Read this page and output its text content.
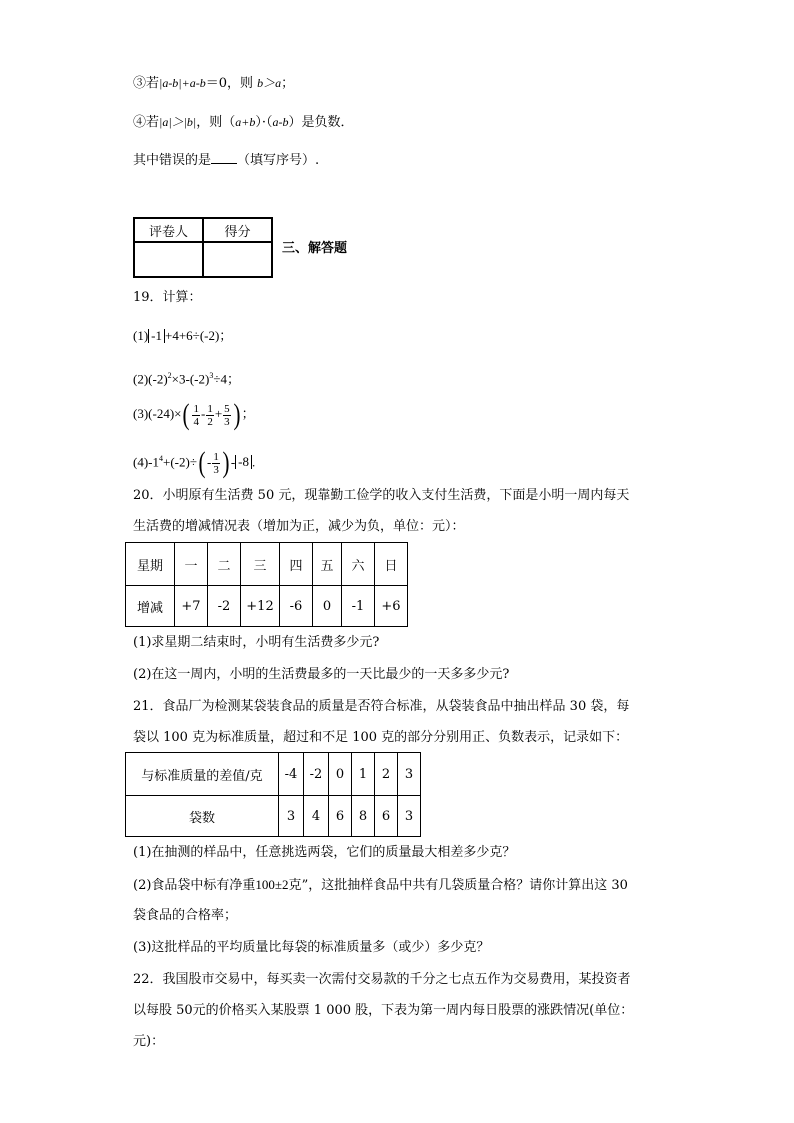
③若|a-b|+a-b＝0，则 b＞a；
④若|a|＞|b|，则（a+b）·（a-b）是负数．
其中错误的是 （填写序号）.
评卷人	得分

三、解答题
19．计算：
(1) -1 +4+6÷(-2)；
$(2)(-2)^2\times 3-(-2)^3\div 4$；
$(3)(-24)\times( \frac{1}{4} - \frac{1}{2} + \frac{5}{3}$ ) ；
$(4)-1^4+(-2)\div( - \frac{1}{3}$ ) - -8 .
20．小明原有生活费 50 元，现靠勤工俭学的收入支付生活费，下面是小明一周内每天
生活费的增减情况表（增加为正，减少为负，单位：元）：
星期	一	二	三	四	五	六	日
增减	+7	-2	+12	-6	0	-1	+6
(1)求星期二结束时，小明有生活费多少元?
(2)在这一周内，小明的生活费最多的一天比最少的一天多多少元?
21．食品厂为检测某袋装食品的质量是否符合标准，从袋装食品中抽出样品 30 袋，每
袋以 100 克为标准质量，超过和不足 100 克的部分分别用正、负数表示，记录如下：
与标准质量的差值/克	-4	-2	0	1	2	3
袋数	3	4	6	8	6	3
(1)在抽测的样品中，任意挑选两袋，它们的质量最大相差多少克？
(2)食品袋中标有净重100±2克”，这批抽样食品中共有几袋质量合格？请你计算出这 30
袋食品的合格率；
(3)这批样品的平均质量比每袋的标准质量多（或少）多少克？
22．我国股市交易中，每买卖一次需付交易款的千分之七点五作为交易费用，某投资者
以每股 50元的价格买入某股票 1 000 股，下表为第一周内每日股票的涨跌情况(单位：
元)：
